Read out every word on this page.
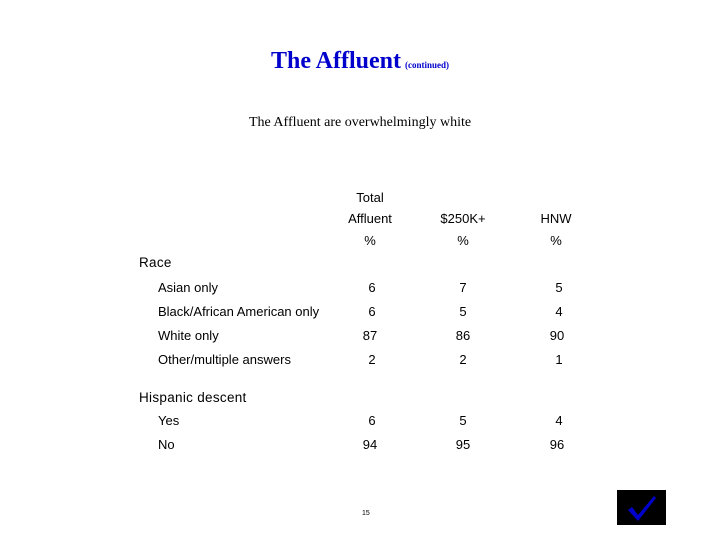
The Affluent (continued)
The Affluent are overwhelmingly white
Total
Affluent	$250K+	HNW
%	%	%
Race
Asian only	6	7	5
Black/African American only	6	5	4
White only	87	86	90
Other/multiple answers	2	2	1
Hispanic descent
Yes	6	5	4
No	94	95	96
15
